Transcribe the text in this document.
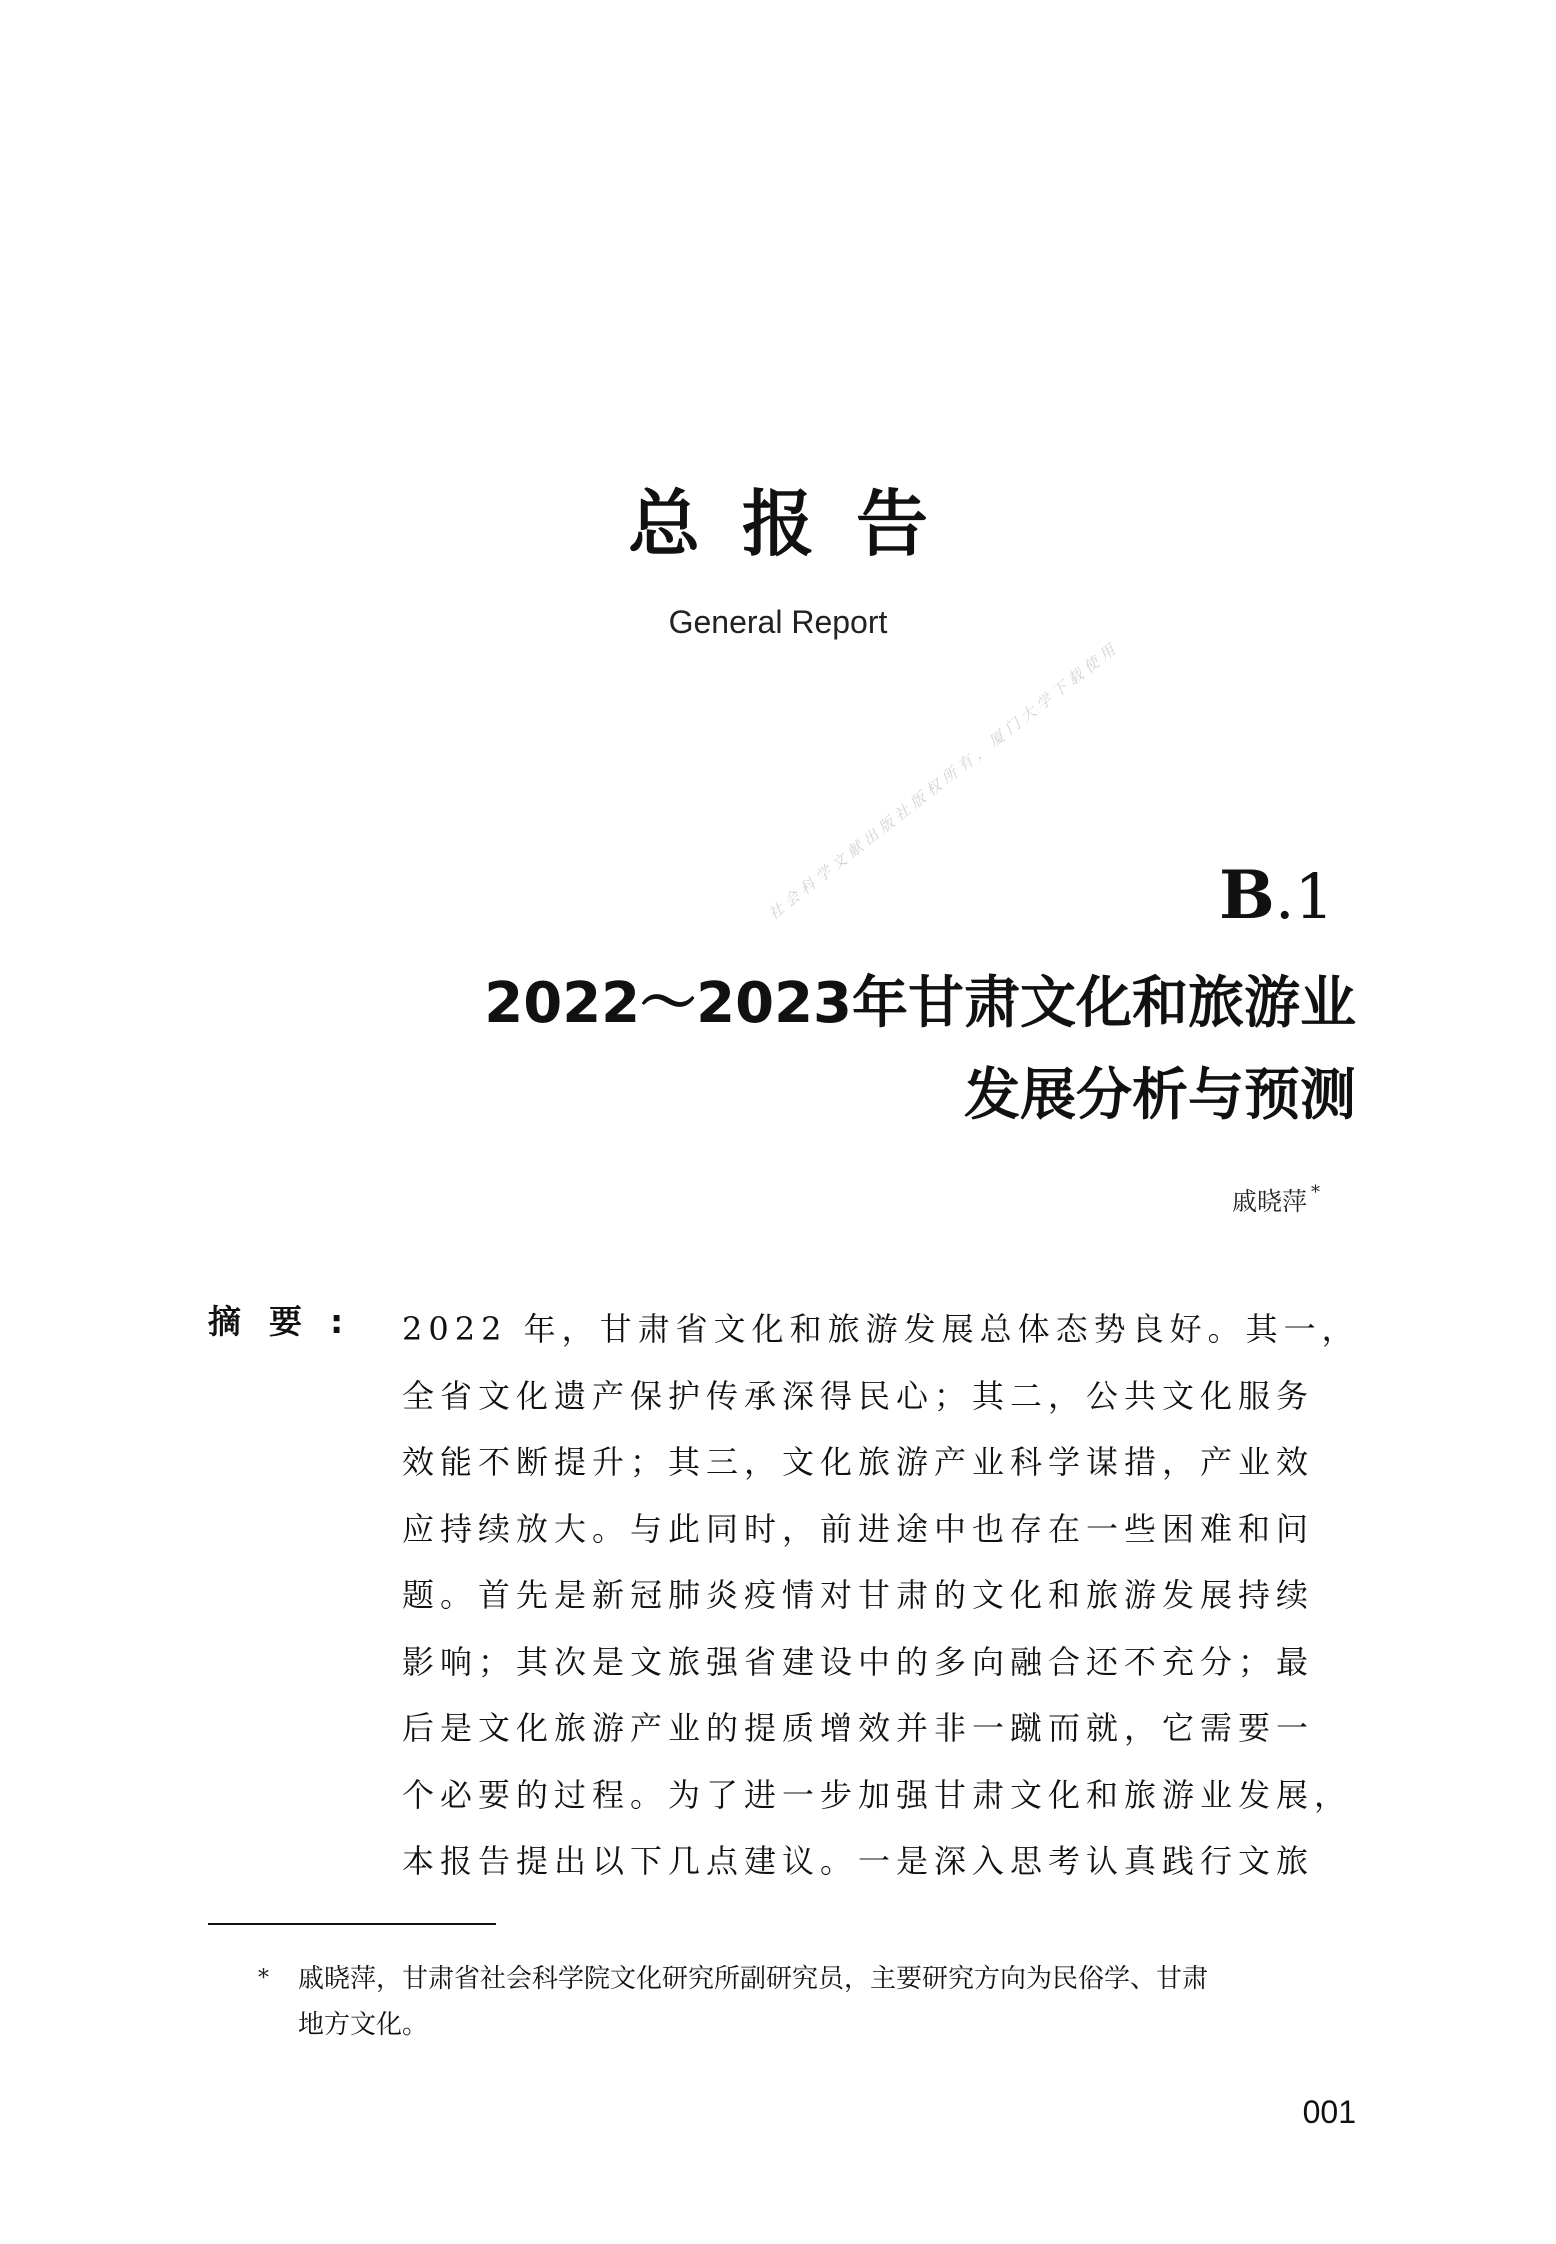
总报告
General Report
社会科学文献出版社版权所有，厦门大学下载使用	B.1
2022～2023年甘肃文化和旅游业
发展分析与预测
戚晓萍 *
摘要: 2022 年，甘肃省文化和旅游发展总体态势良好。其一，
全省文化遗产保护传承深得民心；其二，公共文化服务
效能不断提升；其三，文化旅游产业科学谋措，产业效
应持续放大。与此同时，前进途中也存在一些困难和问
题。首先是新冠肺炎疫情对甘肃的文化和旅游发展持续
影响；其次是文旅强省建设中的多向融合还不充分；最
后是文化旅游产业的提质增效并非一蹴而就，它需要一
个必要的过程。为了进一步加强甘肃文化和旅游业发展，
本报告提出以下几点建议。一是深入思考认真践行文旅
* 戚晓萍，甘肃省社会科学院文化研究所副研究员，主要研究方向为民俗学、甘肃
地方文化。
001
